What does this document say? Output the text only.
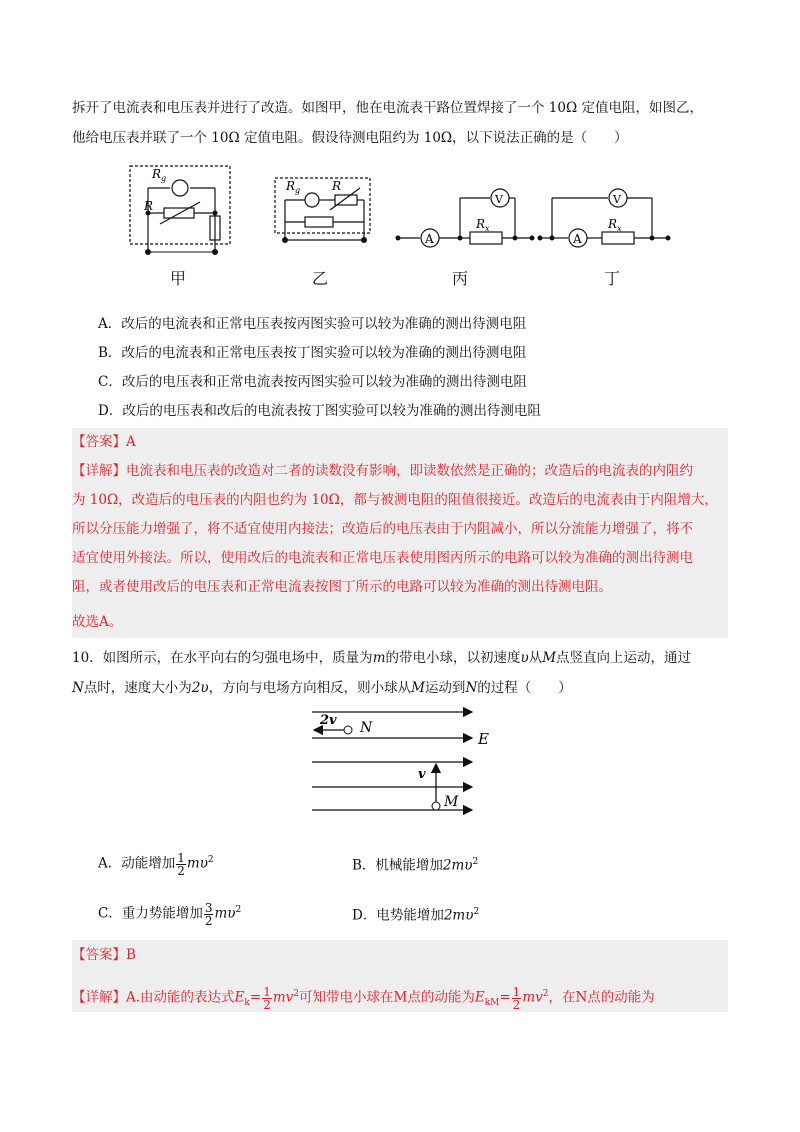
拆开了电流表和电压表并进行了改造。如图甲，他在电流表干路位置焊接了一个 10Ω 定值电阻，如图乙，
他给电压表并联了一个 10Ω 定值电阻。假设待测电阻约为 10Ω，以下说法正确的是（　　）
$R_g$
R
$R_g$	R
A
V
$R_x$
A
V
$R_x$
甲	乙	丙	丁
A．改后的电流表和正常电压表按丙图实验可以较为准确的测出待测电阻
B．改后的电流表和正常电压表按丁图实验可以较为准确的测出待测电阻
C．改后的电压表和正常电流表按丙图实验可以较为准确的测出待测电阻
D．改后的电压表和改后的电流表按丁图实验可以较为准确的测出待测电阻
【答案】A
【详解】电流表和电压表的改造对二者的读数没有影响，即读数依然是正确的；改造后的电流表的内阻约
为 10Ω，改造后的电压表的内阻也约为 10Ω，都与被测电阻的阻值很接近。改造后的电流表由于内阻增大，
所以分压能力增强了，将不适宜使用内接法；改造后的电压表由于内阻减小，所以分流能力增强了，将不
适宜使用外接法。所以，使用改后的电流表和正常电压表使用图丙所示的电路可以较为准确的测出待测电
阻，或者使用改后的电压表和正常电流表按图丁所示的电路可以较为准确的测出待测电阻。
故选A。
10．如图所示，在水平向右的匀强电场中，质量为m的带电小球，以初速度υ从M点竖直向上运动，通过
N点时，速度大小为2υ，方向与电场方向相反，则小球从M运动到N的过程（　　）
2v N
E
v
M
A．动能增加 $\frac{1}{2} m\upsilon^2$	B．机械能增加$2m\upsilon^2$
C．重力势能增加 $\frac{3}{2} m\upsilon^2$	D．电势能增加$2m\upsilon^2$
【答案】B
【详解】A.由动能的表达式$E_k= \frac{1}{2} mv^2$可知带电小球在M点的动能为$E_{kM}= \frac{1}{2} mv^2$，在N点的动能为
